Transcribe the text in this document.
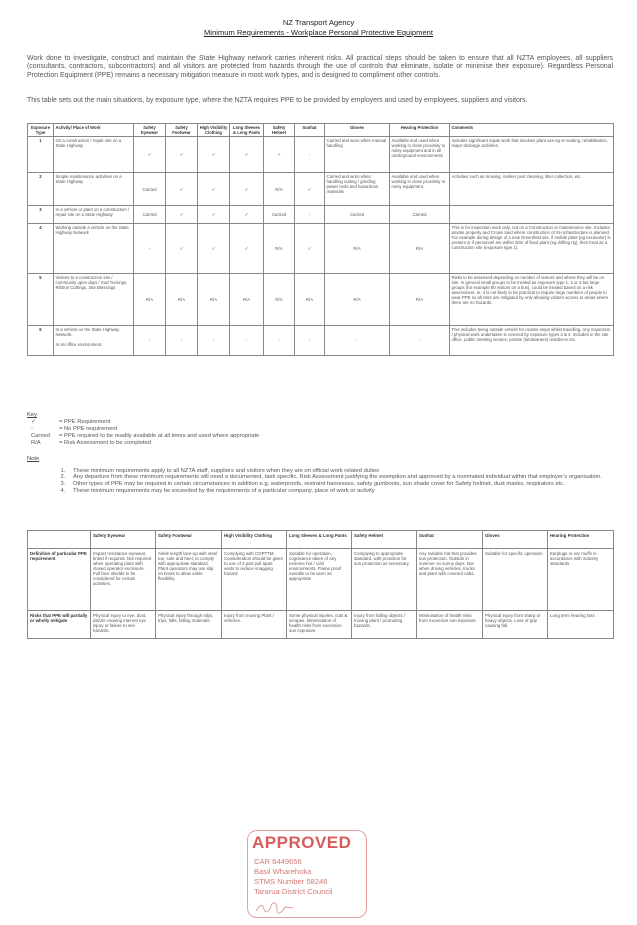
NZ Transport Agency
Minimum Requirements - Workplace Personal Protective Equipment

Work done to investigate, construct and maintain the State Highway network carries inherent risks. All practical steps should be taken to ensure that all NZTA employees, all suppliers (consultants, contractors, subcontractors) and all visitors are protected from hazards through the use of controls that eliminate, isolate or minimise their exposure). Regardless Personal Protection Equipment (PPE) remains a necessary mitigation measure in most work types, and is designed to compliment other controls.

This table sets out the main situations, by exposure type, where the NZTA requires PPE to be provided by employers and used by employees, suppliers and visitors.

Exposure Type	Activity/ Place of Work	Safety Eyewear	Safety Footwear	High Visibility Clothing	Long Sleeves & Long Pants	Safety Helmet	Sunhat	Gloves	Hearing Protection	Comments
1	On a construction / repair site on a State Highway	✓	✓	✓	✓	✓	-	Carried and worn when manual handling	Available and used when working in close proximity to noisy equipment and in all underground environments	Includes significant repair work that involves plant use eg re-sealing, rehabilitation, major drainage activities.
2	Simple maintenance activities on a State Highway	Carried	✓	✓	✓	R/A	✓	Carried and worn when handling cutting / grinding power tools and hazardous materials	Available and used when working in close proximity to noisy equipment.	Activities such as mowing, marker post cleaning, litter collection, etc.
3	In a vehicle or plant on a construction / repair site on a State Highway	Carried	✓	✓	✓	Carried	-	Carried	Carried	
4	Working outside a vehicle on the State Highway Network	-	✓	✓	✓	R/A	✓	R/A	R/A	This is for inspection work only, not on a Construction or maintenance site. Includes private property and Crown land where construction of SH infrastructure is planned. For example during design of a new Greenfield site, if mobile plant (eg excavator) is present or if personnel are within 20m of fixed plant (eg drilling rig), then treat as a construction site (exposure type 1).
5	Visitors to a construction site / community open days / Sod Turnings, Ribbon Cuttings, Site Blessings	R/A	R/A	R/A	R/A	R/A	R/A	R/A	R/A	Risks to be assessed depending on number of visitors and where they will be on site. In general small groups to be treated as exposure type 1, 2 or 3 but large groups (for example 50 visitors on a bus), could be treated based on a risk assessment. ie. It is not likely to be practical to require large numbers of people to wear PPE so all risks are mitigated by only allowing visitors access to areas where there are no hazards.
6	In a vehicle on the State Highway Network.
In an office environment.	-	-	-	-	-	-	-	-	This includes being outside vehicle for routine stops whilst travelling. Any inspection / physical work undertaken is covered by exposure types 3 & 4. Includes in the site office, public meeting venues, private (landowners) residence etc.
Key
✓	= PPE Requirement
-	= No PPE requirement
Carried	= PPE required to be readily available at all times and used where appropriate
R/A	= Risk Assessment to be completed
Note
1. These minimum requirements apply to all NZTA staff, suppliers and visitors when they are on official work related duties
2. Any departure from these minimum requirements will need a documented, task specific, Risk Assessment justifying the exemption and approved by a nominated individual within that employer's organisation.
3. Other types of PPE may be required in certain circumstances in addition e.g. waterproofs, restraint harnesses, safety gumboots, sun shade cover for Safety helmet, dust masks, respirators etc.
4. These minimum requirements may be exceeded by the requirements of a particular company, place of work or activity
	Safety Eyewear	Safety Footwear	High Visibility Clothing	Long Sleeves & Long Pants	Safety Helmet	Sunhat	Gloves	Hearing Protection
Definition of particular PPE requirement	Impact resistance eyewear, tinted if required. Not required when operating plant with closed operator enclosure. Full face shields to be considered for certain activities.	Ankle length lace-up with steel toe, sole and heel, to comply with appropriate standard. Plant operators may use slip on boots to allow ankle flexibility.	Complying with COPTTM. Consideration should be given to use of 3 part pull apart vests to reduce snagging hazard	Suitable for operation, cognisance taken of any extreme hot / cold environments. Flame proof overalls to be worn as appropriate	Complying to appropriate standard, with provision for sun protection as necessary.	Any suitable hat that provides sun protection. Outside in summer on sunny days. Not when driving vehicles, trucks and plant with covered cabs.	Suitable for specific operation	Earplugs or ear muffs in accordance with industry standards
Risks that PPE will partially or wholly mitigate	Physical injury to eye; dust; dazzle causing internal eye injury or failure to see hazards.	Physical injury through slips, trips, falls, falling materials.	Injury from moving Plant / vehicles.	Some physical injuries, cuts & scrapes. Minimisation of health risks from excessive sun exposure.	Injury from falling objects / moving plant / protruding hazards.	Minimisation of health risks from excessive sun exposure.	Physical injury from sharp or heavy objects. Loss of grip causing fall.	Long term hearing loss
APPROVED
CAR 6449656
Basil Wharehoka
STMS Number 58246
Tararua District Council
